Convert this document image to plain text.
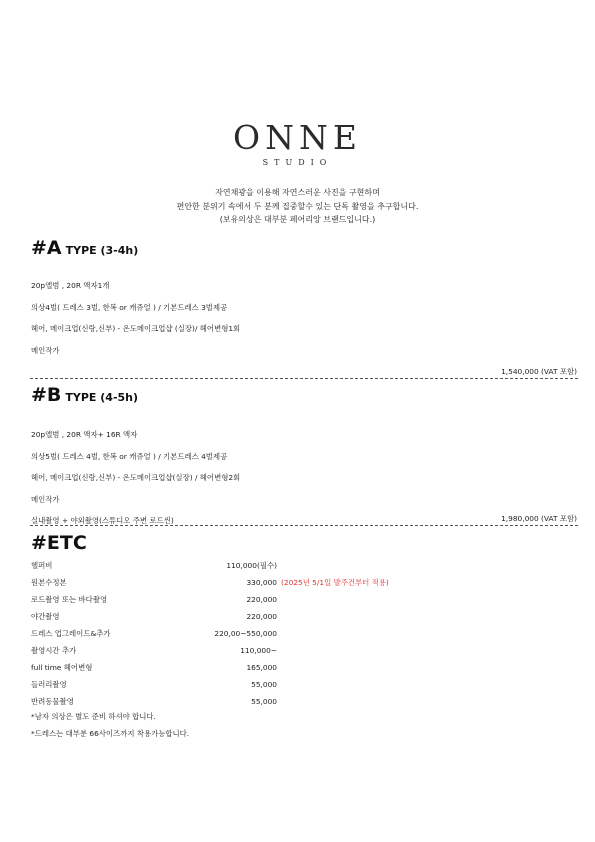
ONNE
STUDIO
자연채광을 이용해 자연스러운 사진을 구현하며
편안한 분위기 속에서 두 분께 집중할수 있는 단독 촬영을 추구합니다.
(보유의상은 대부분 페어리앙 브랜드입니다.)
#A TYPE (3-4h)
20p앨범 , 20R 액자1개
의상4벌( 드레스 3벌, 한복 or 캐쥬얼 ) / 기본드레스 3벌제공
헤어, 메이크업(신랑,신부) - 온도메이크업샵 (실장)/ 헤어변형1회
메인작가
1,540,000 (VAT 포함)
#B TYPE (4-5h)
20p앨범 , 20R 액자+ 16R 액자
의상5벌( 드레스 4벌, 한복 or 캐쥬얼 ) / 기본드레스 4벌제공
헤어, 메이크업(신랑,신부) - 온도메이크업샵(실장) / 헤어변형2회
메인작가
실내촬영 + 야외촬영(스튜디오 주변 로드씬)	1,980,000 (VAT 포함)
#ETC
헬퍼비	110,000(필수)
원본수정본	330,000 (2025년 5/1일 발주건부터 적용)
로드촬영 또는 바다촬영	220,000
야간촬영	220,000
드레스 업그레이드&추가	220,00~550,000
촬영시간 추가	110,000~
full time 헤어변형	165,000
들러리촬영	55,000
반려동물촬영	55,000
*남자 의상은 별도 준비 하셔야 합니다.
*드레스는 대부분 66사이즈까지 착용가능합니다.
